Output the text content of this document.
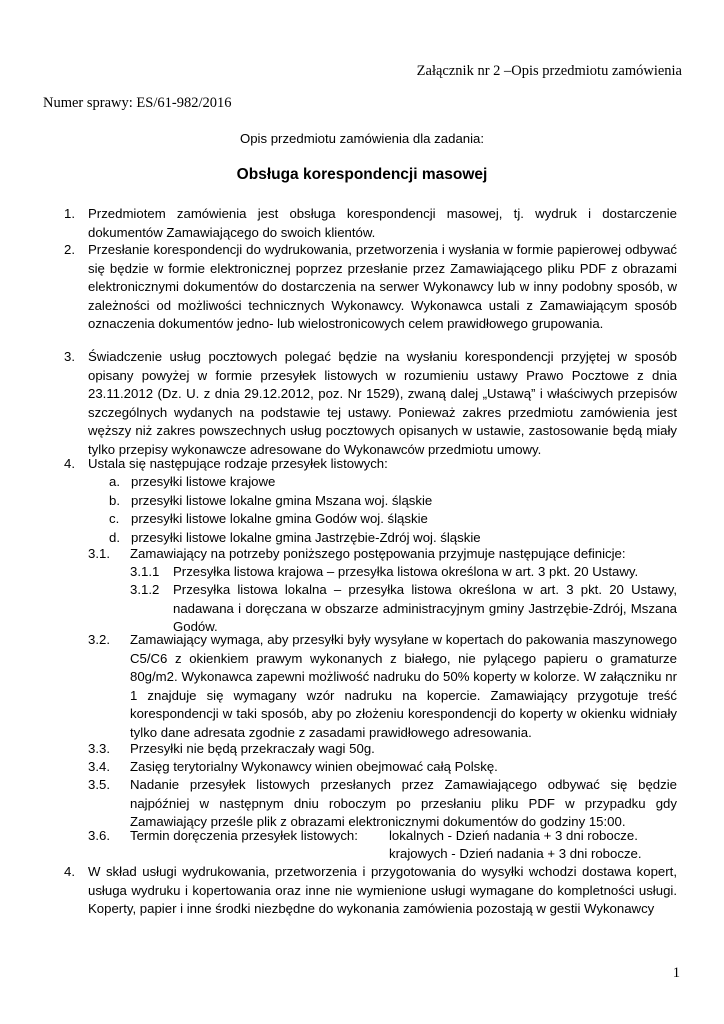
Załącznik nr 2 –Opis przedmiotu zamówienia
Numer sprawy: ES/61-982/2016
Opis przedmiotu zamówienia dla zadania:
Obsługa korespondencji masowej
1. Przedmiotem zamówienia jest obsługa korespondencji masowej, tj. wydruk i dostarczenie dokumentów Zamawiającego do swoich klientów.
2. Przesłanie korespondencji do wydrukowania, przetworzenia i wysłania w formie papierowej odbywać się będzie w formie elektronicznej poprzez przesłanie przez Zamawiającego pliku PDF z obrazami elektronicznymi dokumentów do dostarczenia na serwer Wykonawcy lub w inny podobny sposób, w zależności od możliwości technicznych Wykonawcy. Wykonawca ustali z Zamawiającym sposób oznaczenia dokumentów jedno- lub wielostronicowych celem prawidłowego grupowania.
3. Świadczenie usług pocztowych polegać będzie na wysłaniu korespondencji przyjętej w sposób opisany powyżej w formie przesyłek listowych w rozumieniu ustawy Prawo Pocztowe z dnia 23.11.2012 (Dz. U. z dnia 29.12.2012, poz. Nr 1529), zwaną dalej „Ustawą” i właściwych przepisów szczególnych wydanych na podstawie tej ustawy. Ponieważ zakres przedmiotu zamówienia jest węższy niż zakres powszechnych usług pocztowych opisanych w ustawie, zastosowanie będą miały tylko przepisy wykonawcze adresowane do Wykonawców przedmiotu umowy.
4. Ustala się następujące rodzaje przesyłek listowych:
a. przesyłki listowe krajowe
b. przesyłki listowe lokalne gmina Mszana woj. śląskie
c. przesyłki listowe lokalne gmina Godów woj. śląskie
d. przesyłki listowe lokalne gmina Jastrzębie-Zdrój woj. śląskie
3.1. Zamawiający na potrzeby poniższego postępowania przyjmuje następujące definicje:
3.1.1 Przesyłka listowa krajowa – przesyłka listowa określona w art. 3 pkt. 20 Ustawy.
3.1.2 Przesyłka listowa lokalna – przesyłka listowa określona w art. 3 pkt. 20 Ustawy, nadawana i doręczana w obszarze administracyjnym gminy Jastrzębie-Zdrój, Mszana Godów.
3.2. Zamawiający wymaga, aby przesyłki były wysyłane w kopertach do pakowania maszynowego C5/C6 z okienkiem prawym wykonanych z białego, nie pylącego papieru o gramaturze 80g/m2. Wykonawca zapewni możliwość nadruku do 50% koperty w kolorze. W załączniku nr 1 znajduje się wymagany wzór nadruku na kopercie. Zamawiający przygotuje treść korespondencji w taki sposób, aby po złożeniu korespondencji do koperty w okienku widniały tylko dane adresata zgodnie z zasadami prawidłowego adresowania.
3.3. Przesyłki nie będą przekraczały wagi 50g.
3.4. Zasięg terytorialny Wykonawcy winien obejmować całą Polskę.
3.5. Nadanie przesyłek listowych przesłanych przez Zamawiającego odbywać się będzie najpóźniej w następnym dniu roboczym po przesłaniu pliku PDF w przypadku gdy Zamawiający prześle plik z obrazami elektronicznymi dokumentów do godziny 15:00.
3.6. Termin doręczenia przesyłek listowych: lokalnych - Dzień nadania + 3 dni robocze.
krajowych - Dzień nadania + 3 dni robocze.
4. W skład usługi wydrukowania, przetworzenia i przygotowania do wysyłki wchodzi dostawa kopert, usługa wydruku i kopertowania oraz inne nie wymienione usługi wymagane do kompletności usługi. Koperty, papier i inne środki niezbędne do wykonania zamówienia pozostają w gestii Wykonawcy
1
